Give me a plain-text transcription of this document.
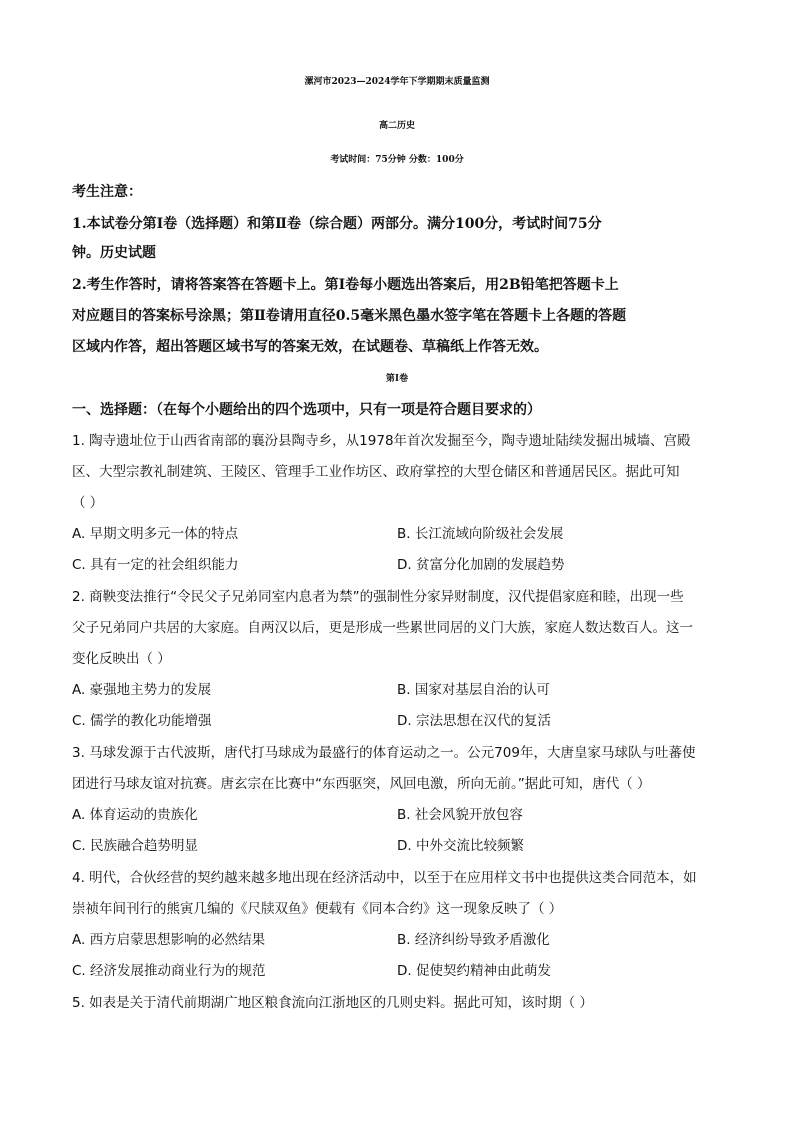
漯河市2023—2024学年下学期期末质量监测
高二历史
考试时间：75分钟 分数：100分
考生注意：
1.本试卷分第Ⅰ卷（选择题）和第Ⅱ卷（综合题）两部分。满分100分，考试时间75分
钟。历史试题
2.考生作答时，请将答案答在答题卡上。第Ⅰ卷每小题选出答案后，用2B铅笔把答题卡上
对应题目的答案标号涂黑；第Ⅱ卷请用直径0.5毫米黑色墨水签字笔在答题卡上各题的答题
区域内作答，超出答题区域书写的答案无效，在试题卷、草稿纸上作答无效。
第Ⅰ卷
一、选择题：（在每个小题给出的四个选项中，只有一项是符合题目要求的）
1. 陶寺遗址位于山西省南部的襄汾县陶寺乡，从1978年首次发掘至今，陶寺遗址陆续发掘出城墙、宫殿
区、大型宗教礼制建筑、王陵区、管理手工业作坊区、政府掌控的大型仓储区和普通居民区。据此可知
（ ）
A. 早期文明多元一体的特点	B. 长江流域向阶级社会发展
C. 具有一定的社会组织能力	D. 贫富分化加剧的发展趋势
2. 商鞅变法推行“令民父子兄弟同室内息者为禁”的强制性分家异财制度，汉代提倡家庭和睦，出现一些
父子兄弟同户共居的大家庭。自两汉以后，更是形成一些累世同居的义门大族，家庭人数达数百人。这一
变化反映出（ ）
A. 豪强地主势力的发展	B. 国家对基层自治的认可
C. 儒学的教化功能增强	D. 宗法思想在汉代的复活
3. 马球发源于古代波斯，唐代打马球成为最盛行的体育运动之一。公元709年，大唐皇家马球队与吐蕃使
团进行马球友谊对抗赛。唐玄宗在比赛中“东西驱突，风回电激，所向无前。”据此可知，唐代（ ）
A. 体育运动的贵族化	B. 社会风貌开放包容
C. 民族融合趋势明显	D. 中外交流比较频繁
4. 明代，合伙经营的契约越来越多地出现在经济活动中，以至于在应用样文书中也提供这类合同范本，如
崇祯年间刊行的熊寅几编的《尺牍双鱼》便载有《同本合约》这一现象反映了（ ）
A. 西方启蒙思想影响的必然结果	B. 经济纠纷导致矛盾激化
C. 经济发展推动商业行为的规范	D. 促使契约精神由此萌发
5. 如表是关于清代前期湖广地区粮食流向江浙地区的几则史料。据此可知，该时期（ ）
